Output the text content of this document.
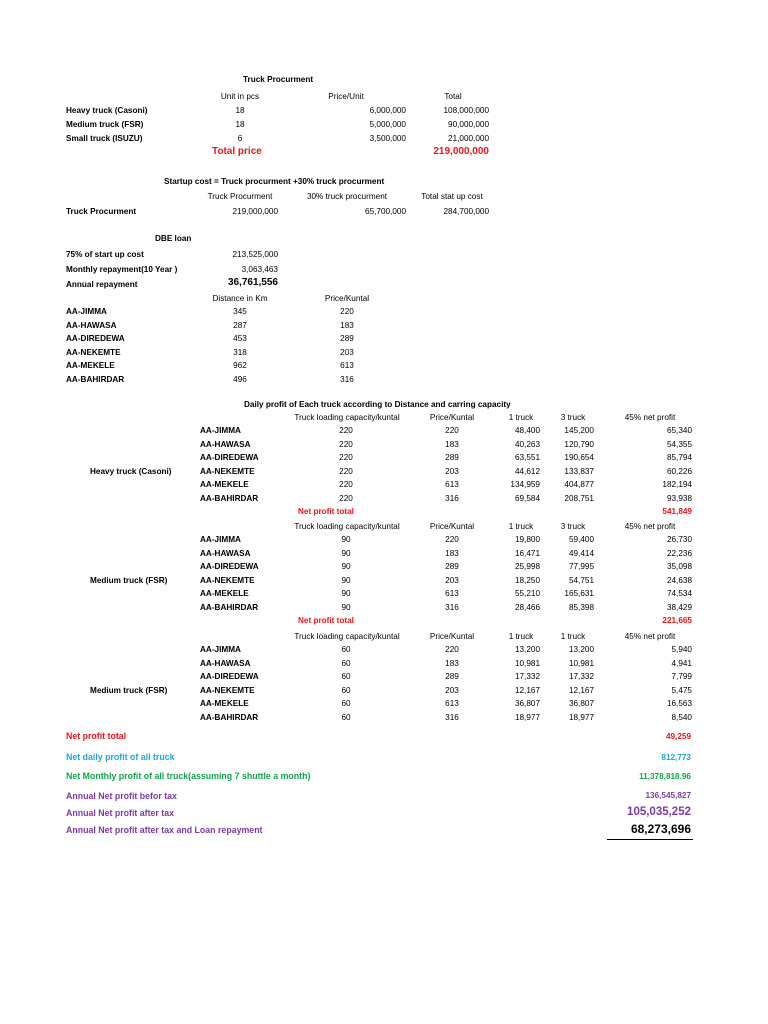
Truck Procurment
Unit in pcs	Price/Unit	Total
Heavy truck (Casoni)	18	6,000,000	108,000,000
Medium truck (FSR)	18	5,000,000	90,000,000
Small truck (ISUZU)	6	3,500,000	21,000,000
Total price	219,000,000
Startup cost = Truck procurment +30% truck procurment
Truck Procurment	30% truck procurment	Total stat up cost
Truck Procurment	219,000,000	65,700,000	284,700,000
DBE loan
75% of start up cost	213,525,000
Monthly repayment(10 Year )	3,063,463
Annual repayment	36,761,556
Distance in Km	Price/Kuntal
AA-JIMMA	345	220
AA-HAWASA	287	183
AA-DIREDEWA	453	289
AA-NEKEMTE	318	203
AA-MEKELE	962	613
AA-BAHIRDAR	496	316
Daily profit of Each truck according to Distance and carring capacity
Truck loading capacity/kuntal	Price/Kuntal	1 truck	3 truck	45% net profit
AA-JIMMA	220	220	48,400	145,200	65,340
AA-HAWASA	220	183	40,263	120,790	54,355
AA-DIREDEWA	220	289	63,551	190,654	85,794
AA-NEKEMTE	220	203	44,612	133,837	60,226
AA-MEKELE	220	613	134,959	404,877	182,194
AA-BAHIRDAR	220	316	69,584	208,751	93,938
Heavy truck (Casoni)
Net profit total	541,849
Truck loading capacity/kuntal	Price/Kuntal	1 truck	3 truck	45% net profit
AA-JIMMA	90	220	19,800	59,400	26,730
AA-HAWASA	90	183	16,471	49,414	22,236
AA-DIREDEWA	90	289	25,998	77,995	35,098
AA-NEKEMTE	90	203	18,250	54,751	24,638
AA-MEKELE	90	613	55,210	165,631	74,534
AA-BAHIRDAR	90	316	28,466	85,398	38,429
Medium truck (FSR)
Net profit total	221,665
Truck loading capacity/kuntal	Price/Kuntal	1 truck	1 truck	45% net profit
AA-JIMMA	60	220	13,200	13,200	5,940
AA-HAWASA	60	183	10,981	10,981	4,941
AA-DIREDEWA	60	289	17,332	17,332	7,799
AA-NEKEMTE	60	203	12,167	12,167	5,475
AA-MEKELE	60	613	36,807	36,807	16,563
AA-BAHIRDAR	60	316	18,977	18,977	8,540
Medium truck (FSR)
Net profit total	49,259
Net daily profit of all truck	812,773
Net Monthly profit of all truck(assuming 7 shuttle a month)	11,378,818.96
Annual Net profit befor tax	136,545,827
Annual Net profit after tax	105,035,252
Annual Net profit after tax and Loan repayment	68,273,696
